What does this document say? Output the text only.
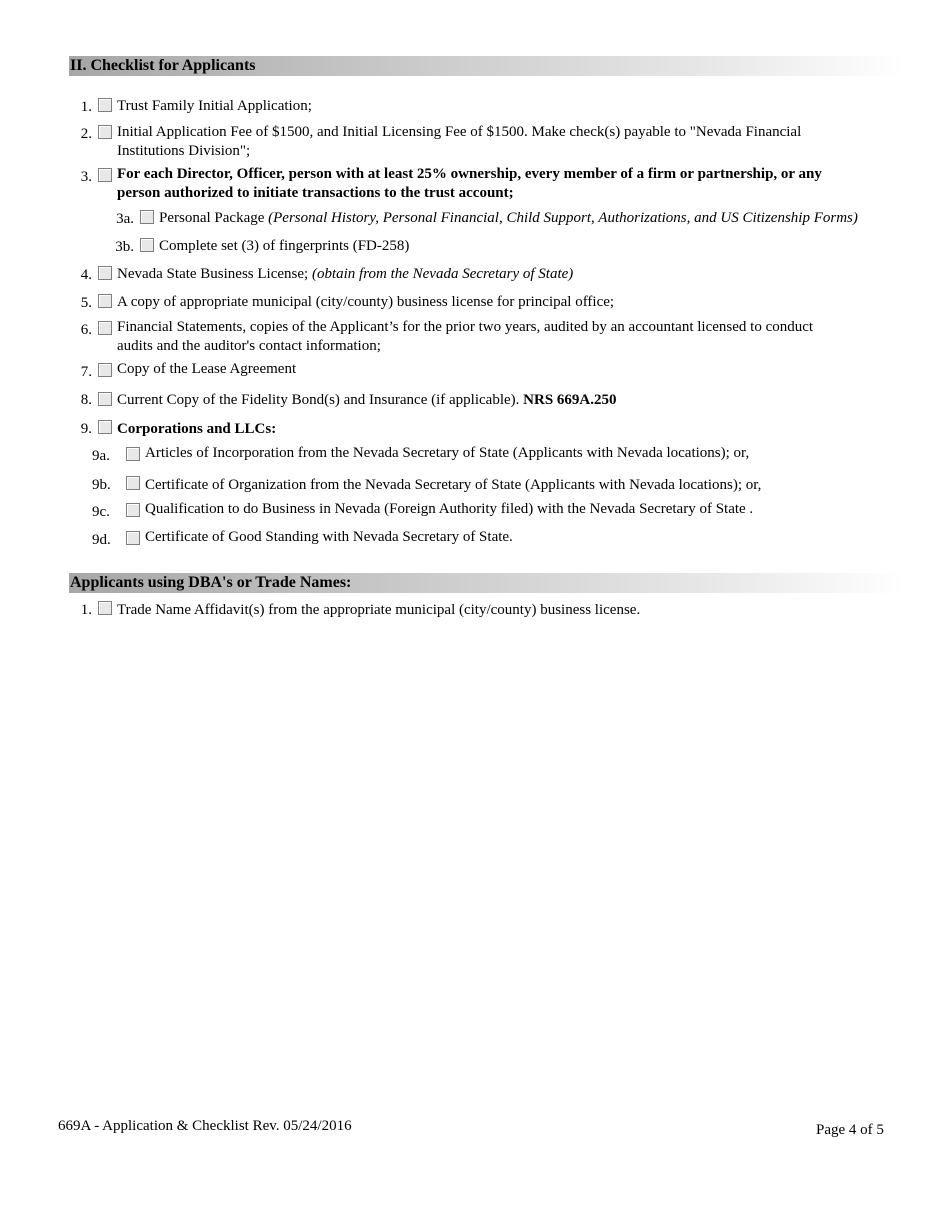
II. Checklist for Applicants
1. Trust Family Initial Application;
2. Initial Application Fee of $1500, and Initial Licensing Fee of $1500. Make check(s) payable to "Nevada Financial
Institutions Division";
3. For each Director, Officer, person with at least 25% ownership, every member of a firm or partnership, or any
person authorized to initiate transactions to the trust account;
3a. Personal Package (Personal History, Personal Financial, Child Support, Authorizations, and US Citizenship Forms)
3b. Complete set (3) of fingerprints (FD-258)
4. Nevada State Business License; (obtain from the Nevada Secretary of State)
5. A copy of appropriate municipal (city/county) business license for principal office;
6. Financial Statements, copies of the Applicant’s for the prior two years, audited by an accountant licensed to conduct
audits and the auditor's contact information;
7. Copy of the Lease Agreement
8. Current Copy of the Fidelity Bond(s) and Insurance (if applicable). NRS 669A.250
9. Corporations and LLCs:
9a.	Articles of Incorporation from the Nevada Secretary of State (Applicants with Nevada locations); or,
9b.	Certificate of Organization from the Nevada Secretary of State (Applicants with Nevada locations); or,
9c.	Qualification to do Business in Nevada (Foreign Authority filed) with the Nevada Secretary of State .
9d.	Certificate of Good Standing with Nevada Secretary of State.
Applicants using DBA's or Trade Names:
1. Trade Name Affidavit(s) from the appropriate municipal (city/county) business license.
669A - Application & Checklist Rev. 05/24/2016	Page 4 of 5
